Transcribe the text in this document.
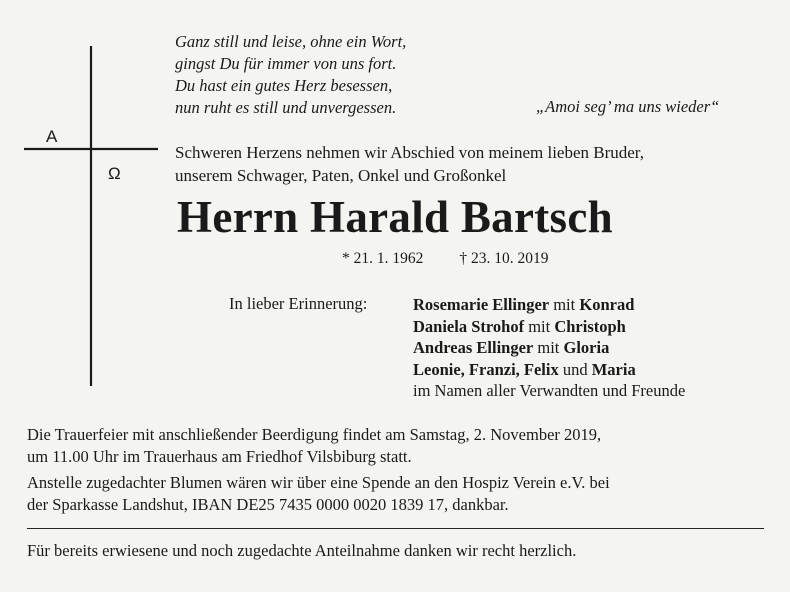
Ganz still und leise, ohne ein Wort,
gingst Du für immer von uns fort.
Du hast ein gutes Herz besessen,
nun ruht es still und unvergessen.	„Amoi seg’ ma uns wieder“
A
Ω
Schweren Herzens nehmen wir Abschied von meinem lieben Bruder,
unserem Schwager, Paten, Onkel und Großonkel
Herrn Harald Bartsch
* 21. 1. 1962 † 23. 10. 2019
In lieber Erinnerung:	Rosemarie Ellinger mit Konrad
Daniela Strohof mit Christoph
Andreas Ellinger mit Gloria
Leonie, Franzi, Felix und Maria
im Namen aller Verwandten und Freunde
Die Trauerfeier mit anschließender Beerdigung findet am Samstag, 2. November 2019,
um 11.00 Uhr im Trauerhaus am Friedhof Vilsbiburg statt.
Anstelle zugedachter Blumen wären wir über eine Spende an den Hospiz Verein e.V. bei
der Sparkasse Landshut, IBAN DE25 7435 0000 0020 1839 17, dankbar.
Für bereits erwiesene und noch zugedachte Anteilnahme danken wir recht herzlich.
